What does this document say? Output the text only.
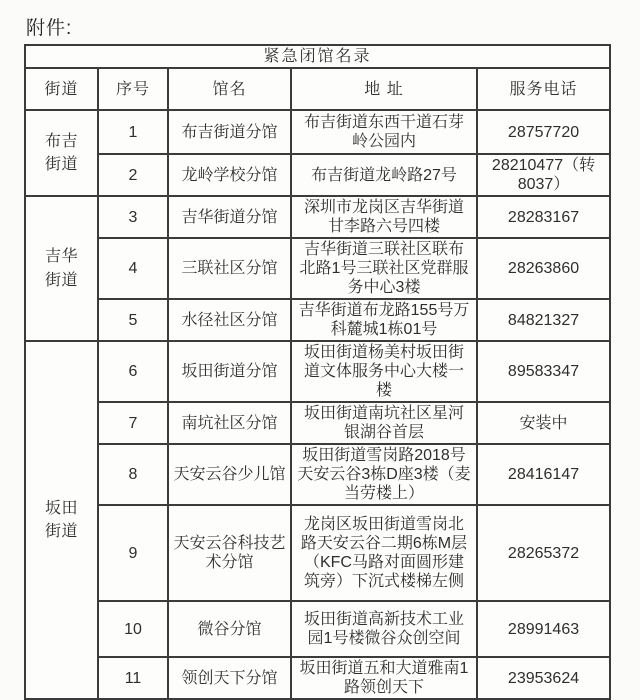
附件:
紧急闭馆名录				
街道	序号	馆名	地 址	服务电话

布吉街道	1	布吉街道分馆	布吉街道东西干道石芽岭公园内	28757720
	2	龙岭学校分馆	布吉街道龙岭路27号	28210477（转8037）

吉华街道	3	吉华街道分馆	深圳市龙岗区吉华街道甘李路六号四楼	28283167
	4	三联社区分馆	吉华街道三联社区联布北路1号三联社区党群服务中心3楼	28263860
	5	水径社区分馆	吉华街道布龙路155号万科麓城1栋01号	84821327

坂田街道	6	坂田街道分馆	坂田街道杨美村坂田街道文体服务中心大楼一楼	89583347
	7	南坑社区分馆	坂田街道南坑社区星河银湖谷首层	安装中
	8	天安云谷少儿馆	坂田街道雪岗路2018号天安云谷3栋D座3楼（麦当劳楼上）	28416147
	9	天安云谷科技艺术分馆	龙岗区坂田街道雪岗北路天安云谷二期6栋M层（KFC马路对面圆形建筑旁）下沉式楼梯左侧	28265372
	10	微谷分馆	坂田街道高新技术工业园1号楼微谷众创空间	28991463
	11	领创天下分馆	坂田街道五和大道雅南1路领创天下	23953624
